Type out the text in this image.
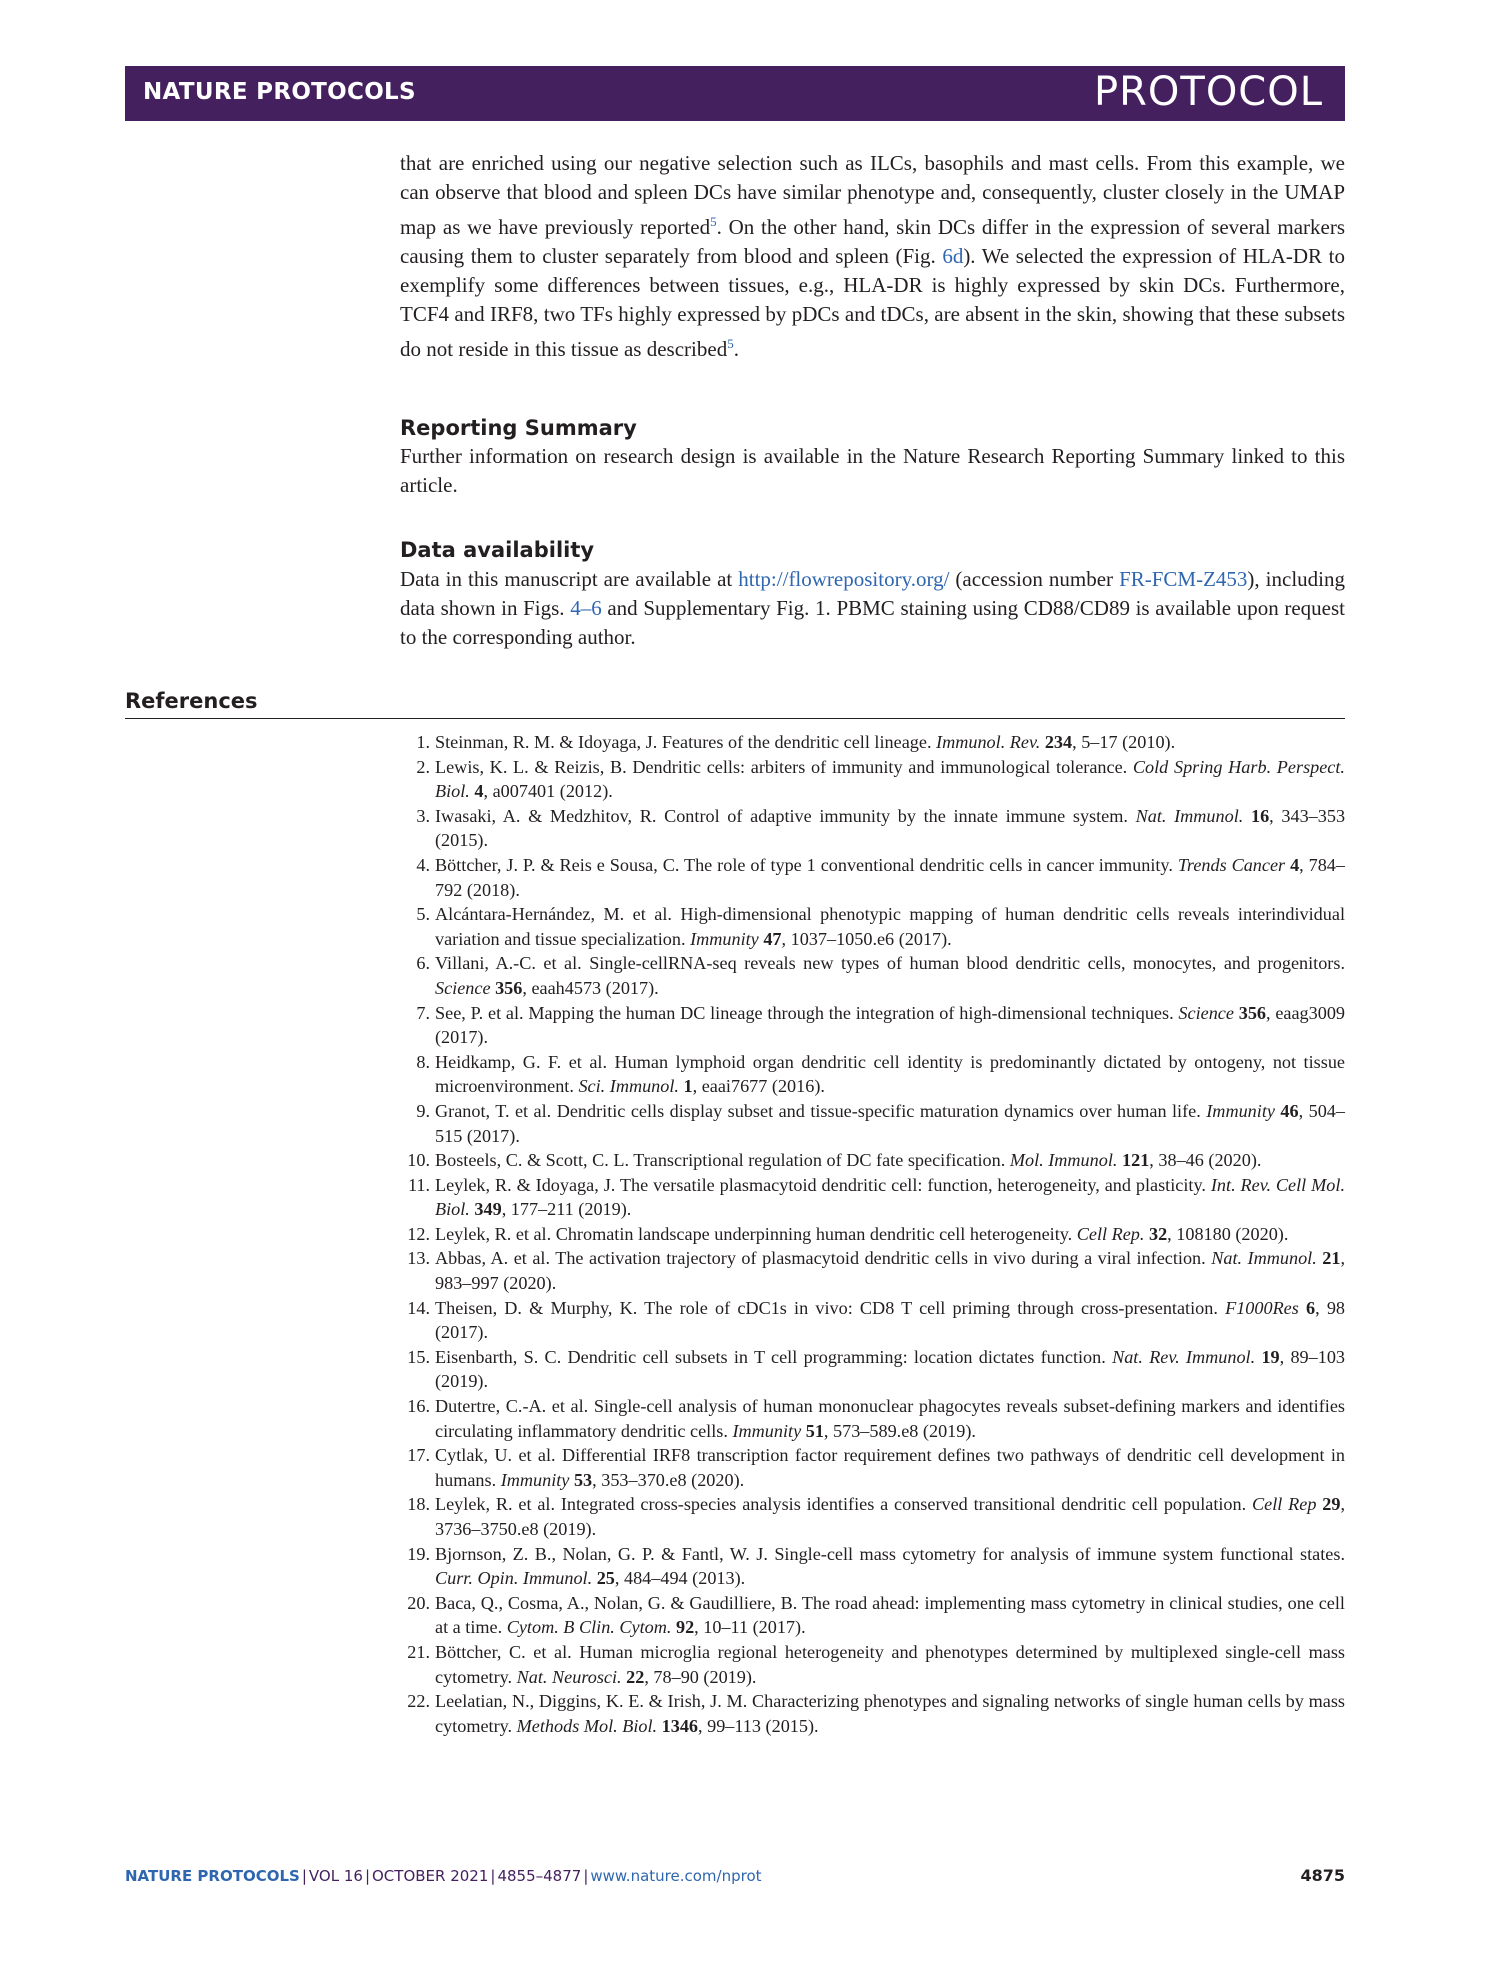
NATURE PROTOCOLS	PROTOCOL

that are enriched using our negative selection such as ILCs, basophils and mast cells. From this example, we can observe that blood and spleen DCs have similar phenotype and, consequently, cluster closely in the UMAP map as we have previously reported$^5$. On the other hand, skin DCs differ in the expression of several markers causing them to cluster separately from blood and spleen (Fig. 6d). We selected the expression of HLA-DR to exemplify some differences between tissues, e.g., HLA-DR is highly expressed by skin DCs. Furthermore, TCF4 and IRF8, two TFs highly expressed by pDCs and tDCs, are absent in the skin, showing that these subsets do not reside in this tissue as described$^5$.

Reporting Summary

Further information on research design is available in the Nature Research Reporting Summary linked to this article.

Data availability

Data in this manuscript are available at http://flowrepository.org/ (accession number FR-FCM-Z453), including data shown in Figs. 4–6 and Supplementary Fig. 1. PBMC staining using CD88/CD89 is available upon request to the corresponding author.

References
1. Steinman, R. M. & Idoyaga, J. Features of the dendritic cell lineage. Immunol. Rev. 234, 5–17 (2010).
2. Lewis, K. L. & Reizis, B. Dendritic cells: arbiters of immunity and immunological tolerance. Cold Spring Harb. Perspect. Biol. 4, a007401 (2012).
3. Iwasaki, A. & Medzhitov, R. Control of adaptive immunity by the innate immune system. Nat. Immunol. 16, 343–353 (2015).
4. Böttcher, J. P. & Reis e Sousa, C. The role of type 1 conventional dendritic cells in cancer immunity. Trends Cancer 4, 784–792 (2018).
5. Alcántara-Hernández, M. et al. High-dimensional phenotypic mapping of human dendritic cells reveals interindividual variation and tissue specialization. Immunity 47, 1037–1050.e6 (2017).
6. Villani, A.-C. et al. Single-cellRNA-seq reveals new types of human blood dendritic cells, monocytes, and progenitors. Science 356, eaah4573 (2017).
7. See, P. et al. Mapping the human DC lineage through the integration of high-dimensional techniques. Science 356, eaag3009 (2017).
8. Heidkamp, G. F. et al. Human lymphoid organ dendritic cell identity is predominantly dictated by ontogeny, not tissue microenvironment. Sci. Immunol. 1, eaai7677 (2016).
9. Granot, T. et al. Dendritic cells display subset and tissue-specific maturation dynamics over human life. Immunity 46, 504–515 (2017).
10. Bosteels, C. & Scott, C. L. Transcriptional regulation of DC fate specification. Mol. Immunol. 121, 38–46 (2020).
11. Leylek, R. & Idoyaga, J. The versatile plasmacytoid dendritic cell: function, heterogeneity, and plasticity. Int. Rev. Cell Mol. Biol. 349, 177–211 (2019).
12. Leylek, R. et al. Chromatin landscape underpinning human dendritic cell heterogeneity. Cell Rep. 32, 108180 (2020).
13. Abbas, A. et al. The activation trajectory of plasmacytoid dendritic cells in vivo during a viral infection. Nat. Immunol. 21, 983–997 (2020).
14. Theisen, D. & Murphy, K. The role of cDC1s in vivo: CD8 T cell priming through cross-presentation. F1000Res 6, 98 (2017).
15. Eisenbarth, S. C. Dendritic cell subsets in T cell programming: location dictates function. Nat. Rev. Immunol. 19, 89–103 (2019).
16. Dutertre, C.-A. et al. Single-cell analysis of human mononuclear phagocytes reveals subset-defining markers and identifies circulating inflammatory dendritic cells. Immunity 51, 573–589.e8 (2019).
17. Cytlak, U. et al. Differential IRF8 transcription factor requirement defines two pathways of dendritic cell development in humans. Immunity 53, 353–370.e8 (2020).
18. Leylek, R. et al. Integrated cross-species analysis identifies a conserved transitional dendritic cell population. Cell Rep 29, 3736–3750.e8 (2019).
19. Bjornson, Z. B., Nolan, G. P. & Fantl, W. J. Single-cell mass cytometry for analysis of immune system functional states. Curr. Opin. Immunol. 25, 484–494 (2013).
20. Baca, Q., Cosma, A., Nolan, G. & Gaudilliere, B. The road ahead: implementing mass cytometry in clinical studies, one cell at a time. Cytom. B Clin. Cytom. 92, 10–11 (2017).
21. Böttcher, C. et al. Human microglia regional heterogeneity and phenotypes determined by multiplexed single-cell mass cytometry. Nat. Neurosci. 22, 78–90 (2019).
22. Leelatian, N., Diggins, K. E. & Irish, J. M. Characterizing phenotypes and signaling networks of single human cells by mass cytometry. Methods Mol. Biol. 1346, 99–113 (2015).
NATURE PROTOCOLS | VOL 16 | OCTOBER 2021 | 4855–4877 | www.nature.com/nprot	4875
